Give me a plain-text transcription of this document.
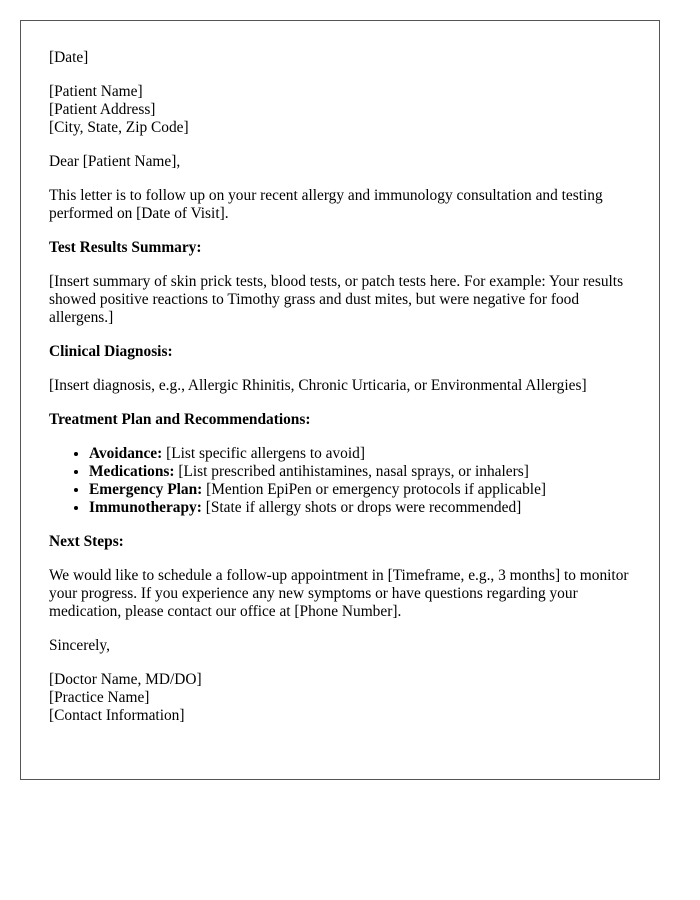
[Date]

[Patient Name]
[Patient Address]
[City, State, Zip Code]

Dear [Patient Name],

This letter is to follow up on your recent allergy and immunology consultation and testing performed on [Date of Visit].

Test Results Summary:

[Insert summary of skin prick tests, blood tests, or patch tests here. For example: Your results showed positive reactions to Timothy grass and dust mites, but were negative for food allergens.]

Clinical Diagnosis:

[Insert diagnosis, e.g., Allergic Rhinitis, Chronic Urticaria, or Environmental Allergies]

Treatment Plan and Recommendations:

• Avoidance: [List specific allergens to avoid]
• Medications: [List prescribed antihistamines, nasal sprays, or inhalers]
• Emergency Plan: [Mention EpiPen or emergency protocols if applicable]
• Immunotherapy: [State if allergy shots or drops were recommended]

Next Steps:

We would like to schedule a follow-up appointment in [Timeframe, e.g., 3 months] to monitor your progress. If you experience any new symptoms or have questions regarding your medication, please contact our office at [Phone Number].

Sincerely,

[Doctor Name, MD/DO]
[Practice Name]
[Contact Information]
